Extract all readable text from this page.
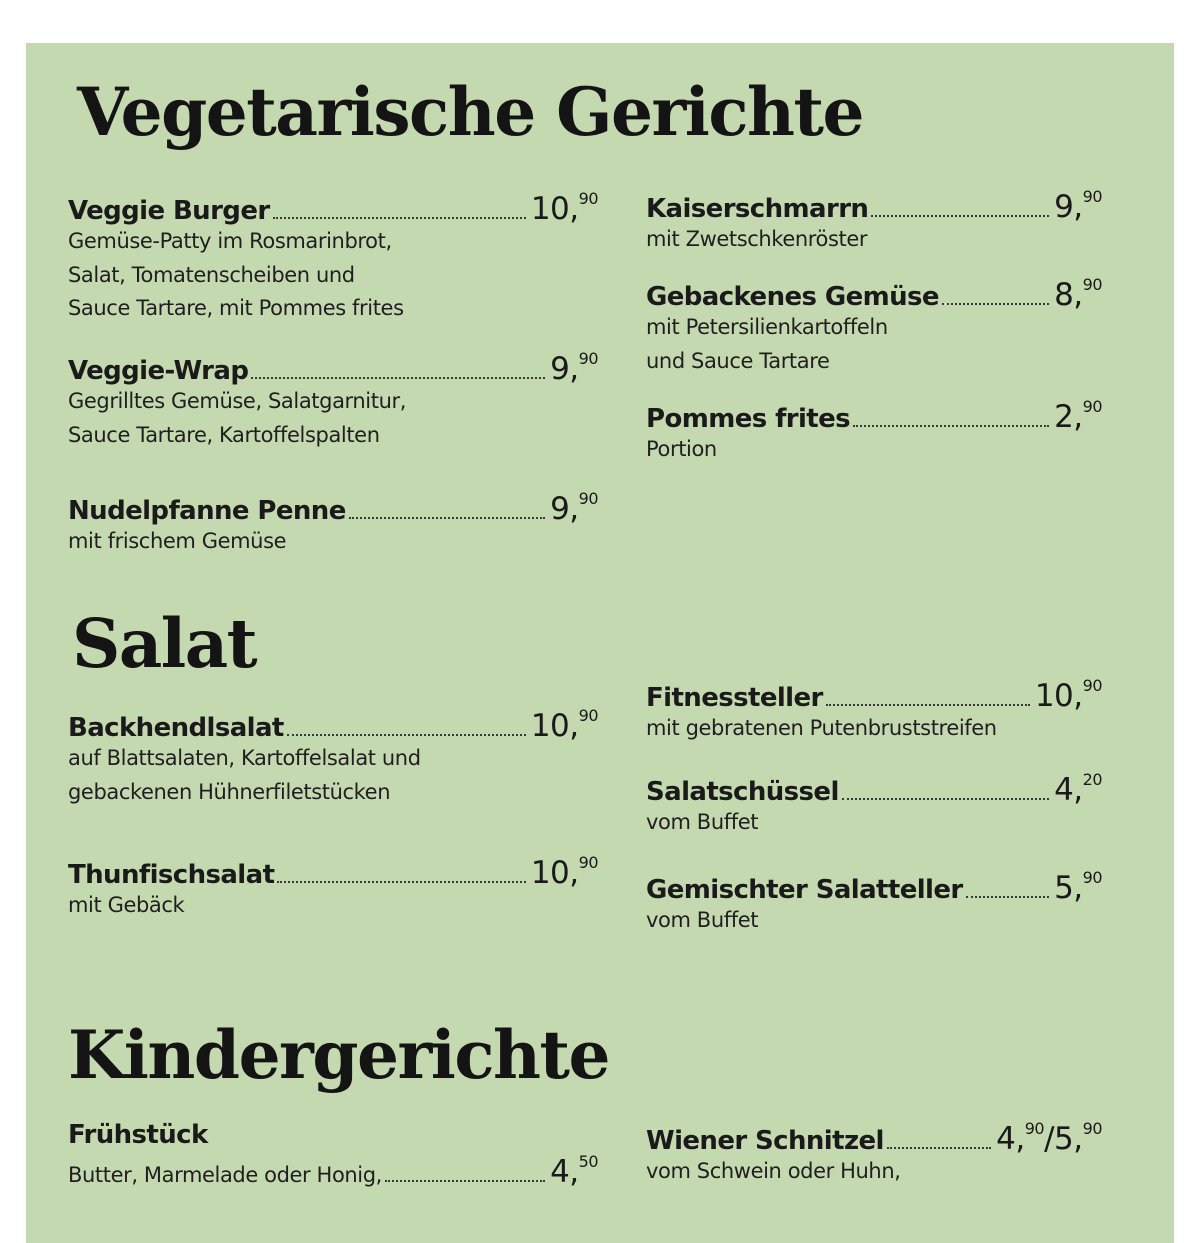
Vegetarische Gerichte
Veggie Burger	10,90
Gemüse-Patty im Rosmarinbrot,
Salat, Tomatenscheiben und
Sauce Tartare, mit Pommes frites
Veggie-Wrap	9,90
Gegrilltes Gemüse, Salatgarnitur,
Sauce Tartare, Kartoffelspalten
Nudelpfanne Penne	9,90
mit frischem Gemüse
Kaiserschmarrn	9,90
mit Zwetschkenröster
Gebackenes Gemüse	8,90
mit Petersilienkartoffeln
und Sauce Tartare
Pommes frites	2,90
Portion
Salat
Backhendlsalat	10,90
auf Blattsalaten, Kartoffelsalat und
gebackenen Hühnerfiletstücken
Thunfischsalat	10,90
mit Gebäck
Fitnessteller	10,90
mit gebratenen Putenbruststreifen
Salatschüssel	4,20
vom Buffet
Gemischter Salatteller	5,90
vom Buffet
Kindergerichte
Frühstück
Butter, Marmelade oder Honig,	4,50
Wiener Schnitzel	4,90/5,90
vom Schwein oder Huhn,
